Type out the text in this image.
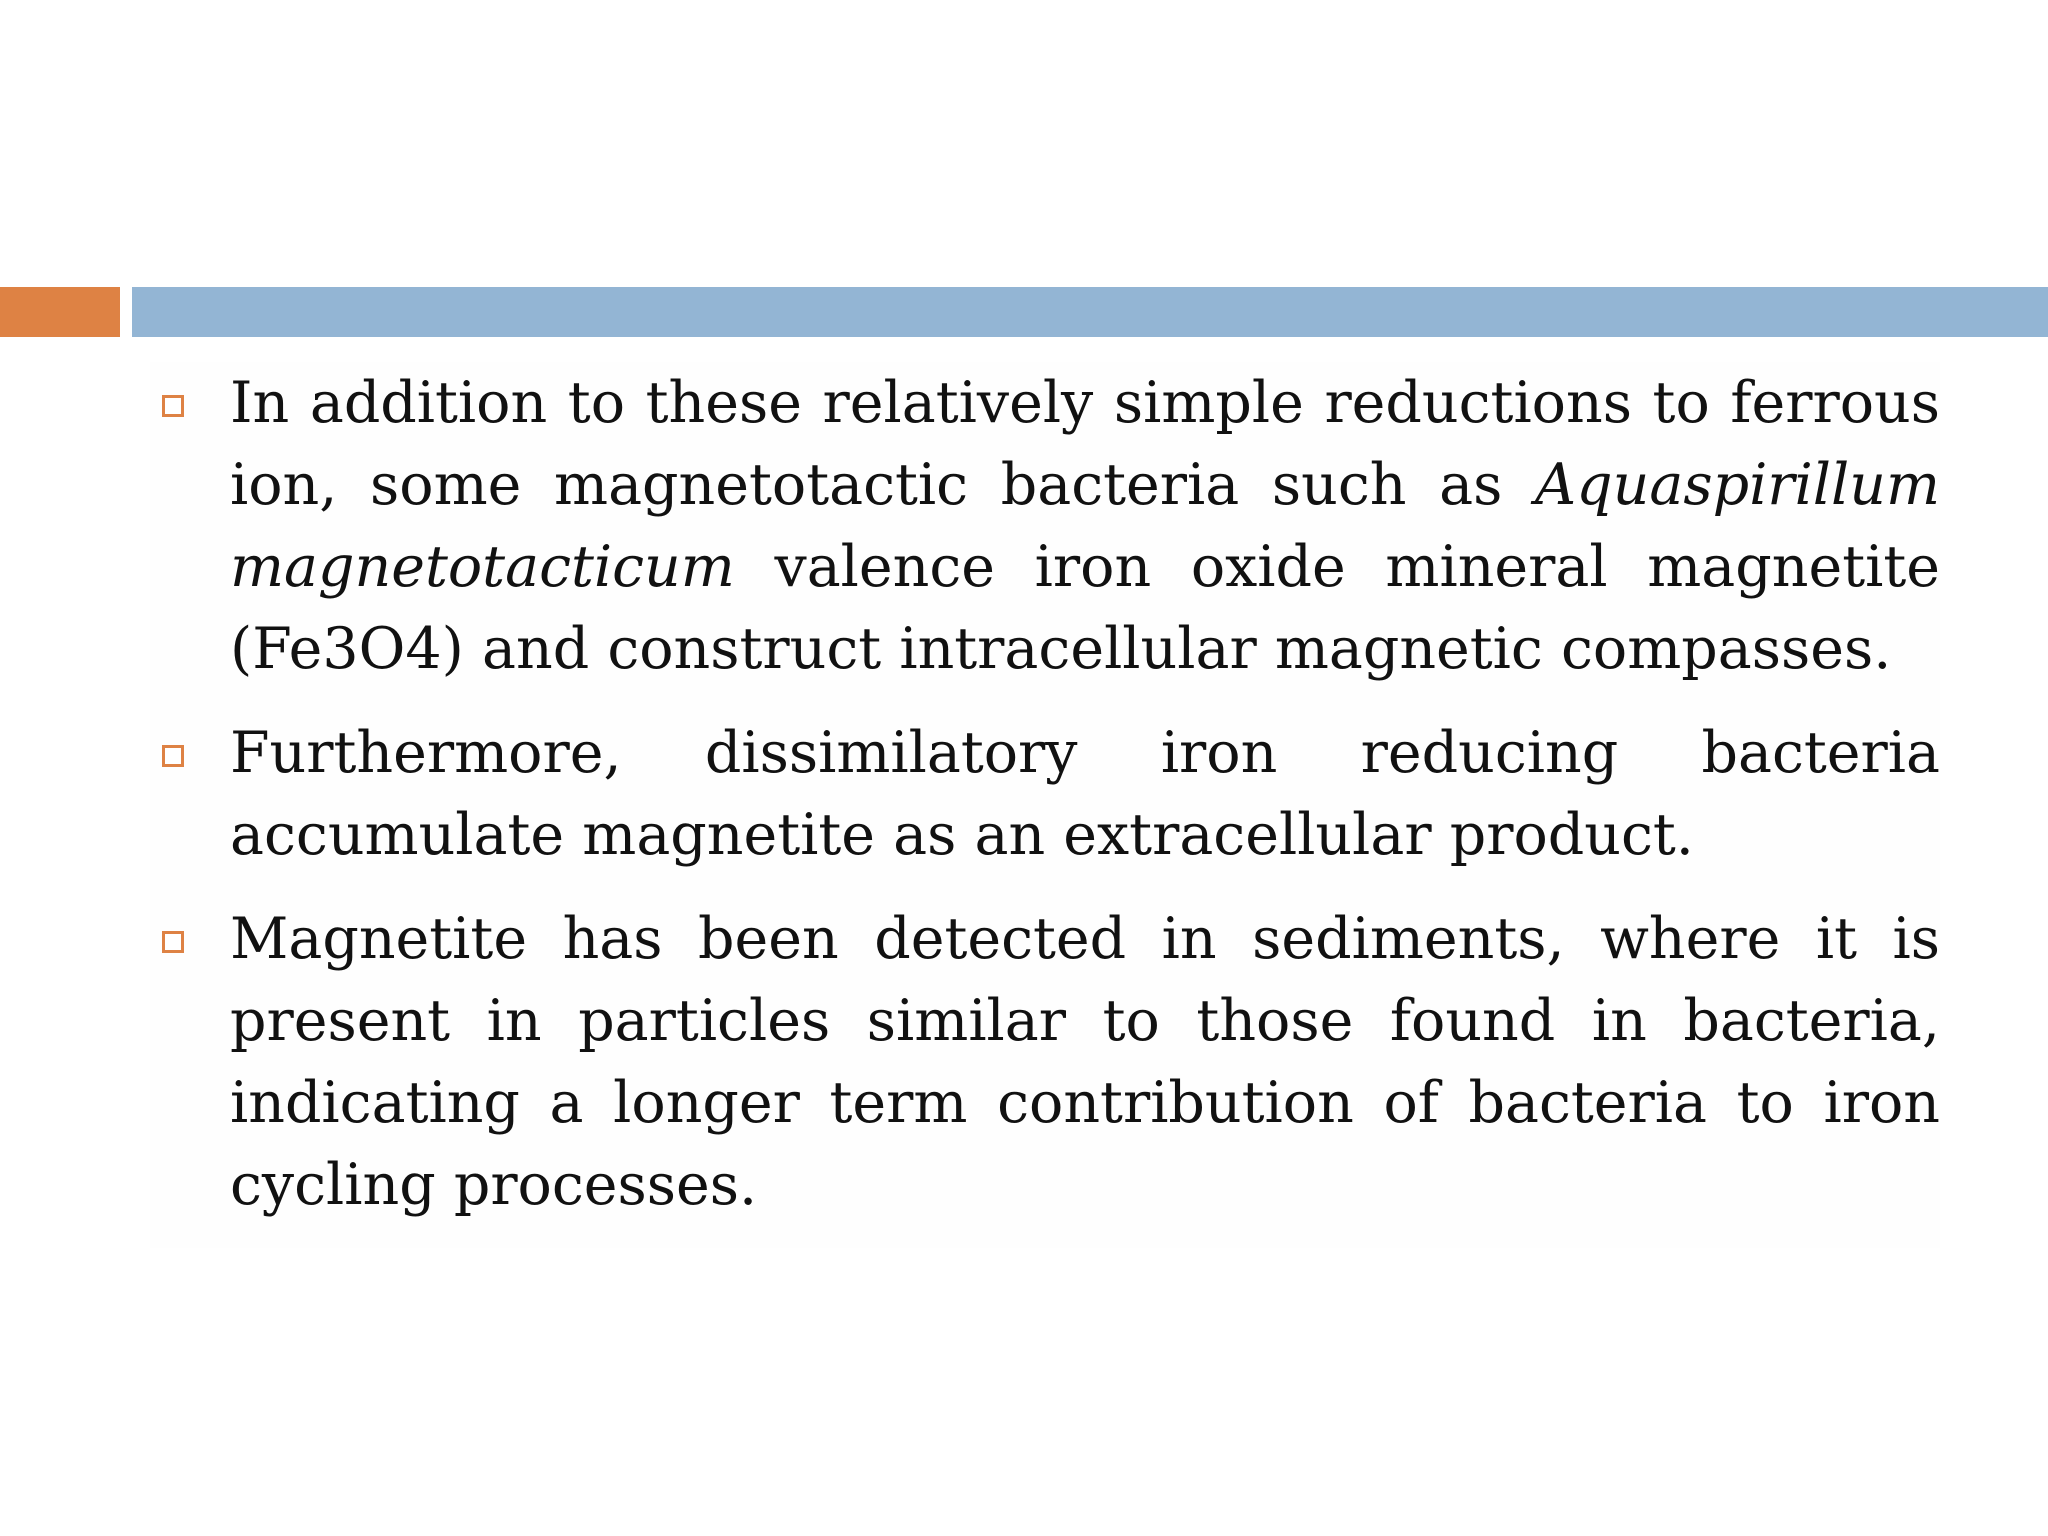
In addition to these relatively simple reductions to ferrous ion, some magnetotactic bacteria such as Aquaspirillum magnetotacticum valence iron oxide mineral magnetite (Fe3O4) and construct intracellular magnetic compasses.
Furthermore, dissimilatory iron reducing bacteria accumulate magnetite as an extracellular product.
Magnetite has been detected in sediments, where it is present in particles similar to those found in bacteria, indicating a longer term contribution of bacteria to iron cycling processes.
